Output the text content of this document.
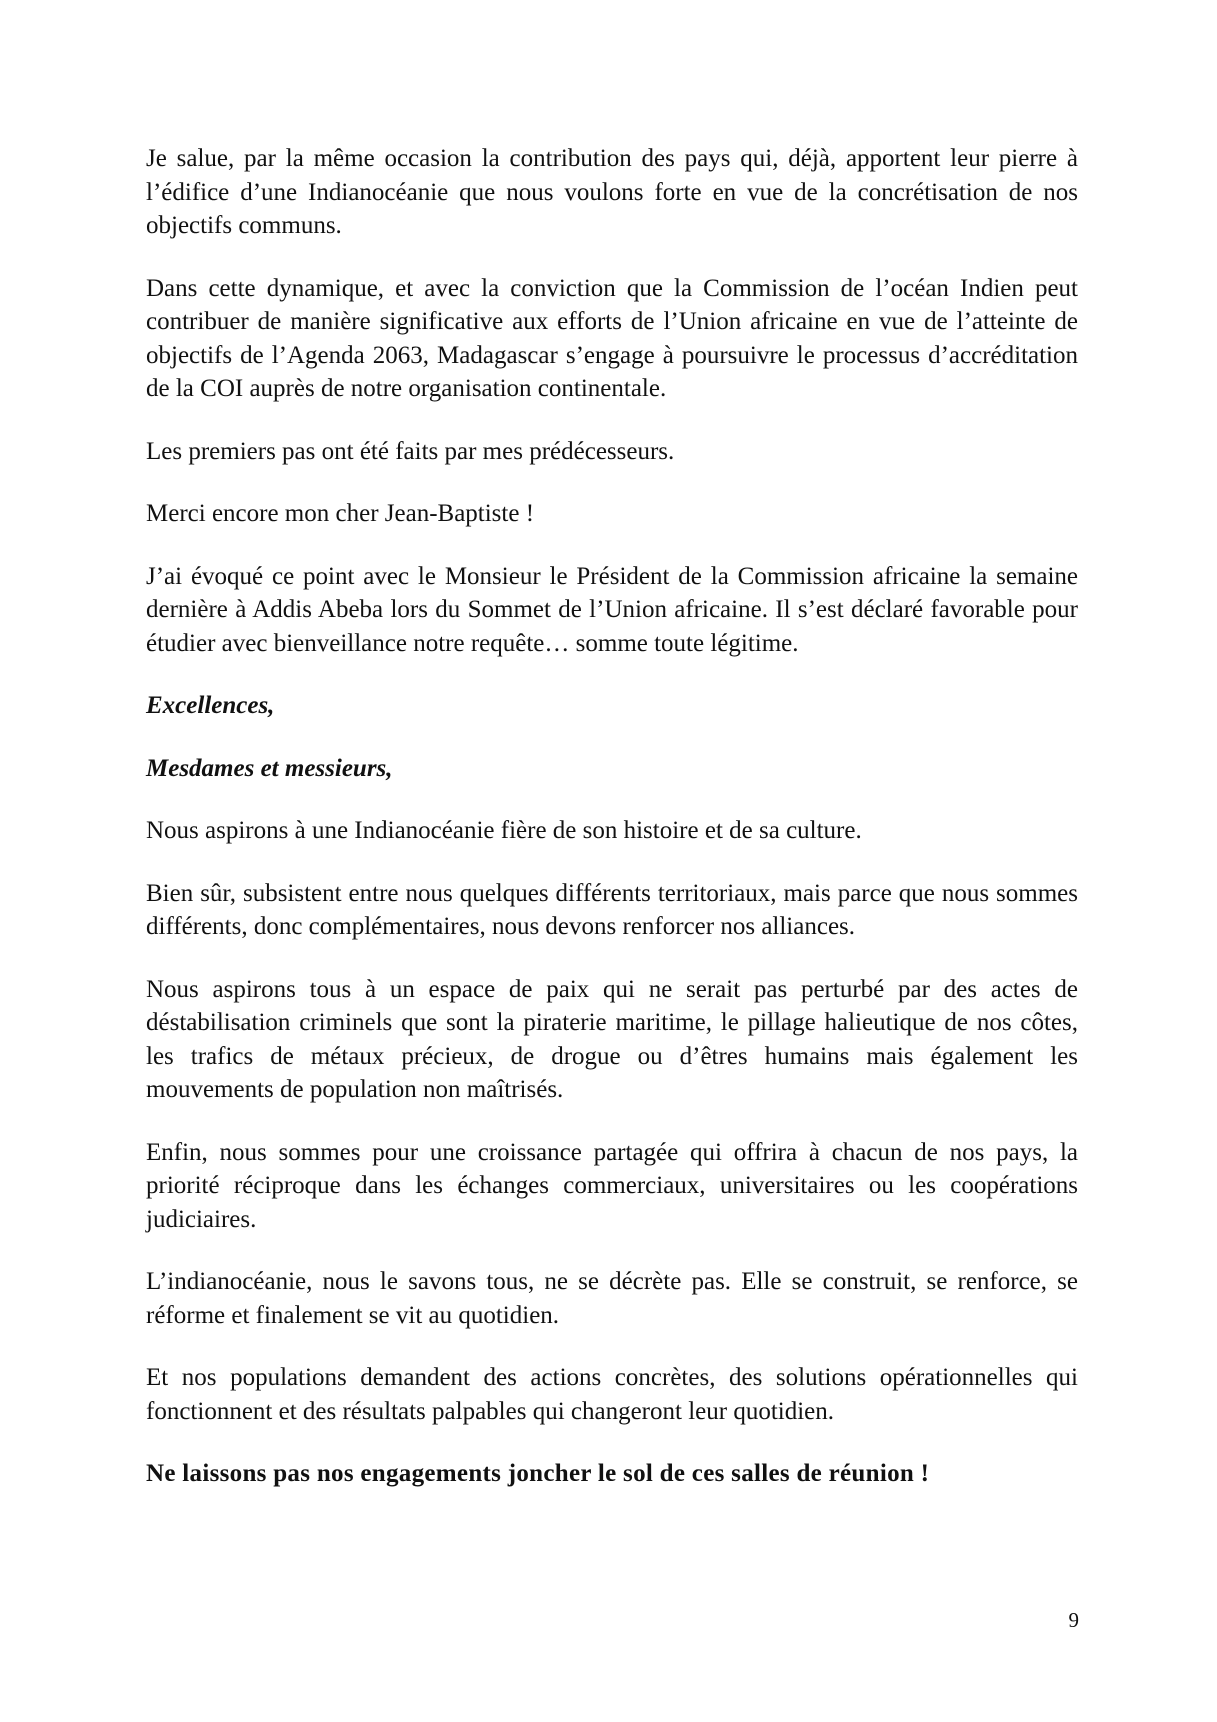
Je salue, par la même occasion la contribution des pays qui, déjà, apportent leur pierre à l’édifice d’une Indianocéanie que nous voulons forte en vue de la concrétisation de nos objectifs communs.

Dans cette dynamique, et avec la conviction que la Commission de l’océan Indien peut contribuer de manière significative aux efforts de l’Union africaine en vue de l’atteinte de objectifs de l’Agenda 2063, Madagascar s’engage à poursuivre le processus d’accréditation de la COI auprès de notre organisation continentale.

Les premiers pas ont été faits par mes prédécesseurs.

Merci encore mon cher Jean-Baptiste !

J’ai évoqué ce point avec le Monsieur le Président de la Commission africaine la semaine dernière à Addis Abeba lors du Sommet de l’Union africaine. Il s’est déclaré favorable pour étudier avec bienveillance notre requête… somme toute légitime.

Excellences,

Mesdames et messieurs,

Nous aspirons à une Indianocéanie fière de son histoire et de sa culture.

Bien sûr, subsistent entre nous quelques différents territoriaux, mais parce que nous sommes différents, donc complémentaires, nous devons renforcer nos alliances.

Nous aspirons tous à un espace de paix qui ne serait pas perturbé par des actes de déstabilisation criminels que sont la piraterie maritime, le pillage halieutique de nos côtes, les trafics de métaux précieux, de drogue ou d’êtres humains mais également les mouvements de population non maîtrisés.

Enfin, nous sommes pour une croissance partagée qui offrira à chacun de nos pays, la priorité réciproque dans les échanges commerciaux, universitaires ou les coopérations judiciaires.

L’indianocéanie, nous le savons tous, ne se décrète pas. Elle se construit, se renforce, se réforme et finalement se vit au quotidien.

Et nos populations demandent des actions concrètes, des solutions opérationnelles qui fonctionnent et des résultats palpables qui changeront leur quotidien.

Ne laissons pas nos engagements joncher le sol de ces salles de réunion !

9
